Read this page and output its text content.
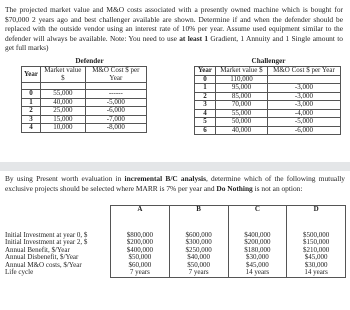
The projected market value and M&O costs associated with a presently owned machine which is bought for $70,000 2 years ago and best challenger available are shown. Determine if and when the defender should be replaced with the outside vendor using an interest rate of 10% per year. Assume used equipment similar to the defender will always be available. Note: You need to use at least 1 Gradient, 1 Annuity and 1 Single amount to get full marks)

Defender
Year	Market value $	M&O Cost $ per Year

0	55,000	------
1	40,000	-5,000
2	25,000	-6,000
3	15,000	-7,000
4	10,000	-8,000
Challenger
Year	Market value $	M&O Cost $ per Year
0	110,000	
1	95,000	-3,000
2	85,000	-3,000
3	70,000	-3,000
4	55,000	-4,000
5	50,000	-5,000
6	40,000	-6,000

By using Present worth evaluation in incremental B/C analysis, determine which of the following mutually exclusive projects should be selected where MARR is 7% per year and Do Nothing is not an option:

	A	B	C	D

Initial Investment at year 0, $	$800,000	$600,000	$400,000	$500,000
Initial Investment at year 2, $	$200,000	$300,000	$200,000	$150,000
Annual Benefit, $/Year	$400,000	$250,000	$180,000	$210,000
Annual Disbenefit, $/Year	$50,000	$40,000	$30,000	$45,000
Annual M&O costs, $/Year	$60,000	$50,000	$45,000	$30,000
Life cycle	7 years	7 years	14 years	14 years
